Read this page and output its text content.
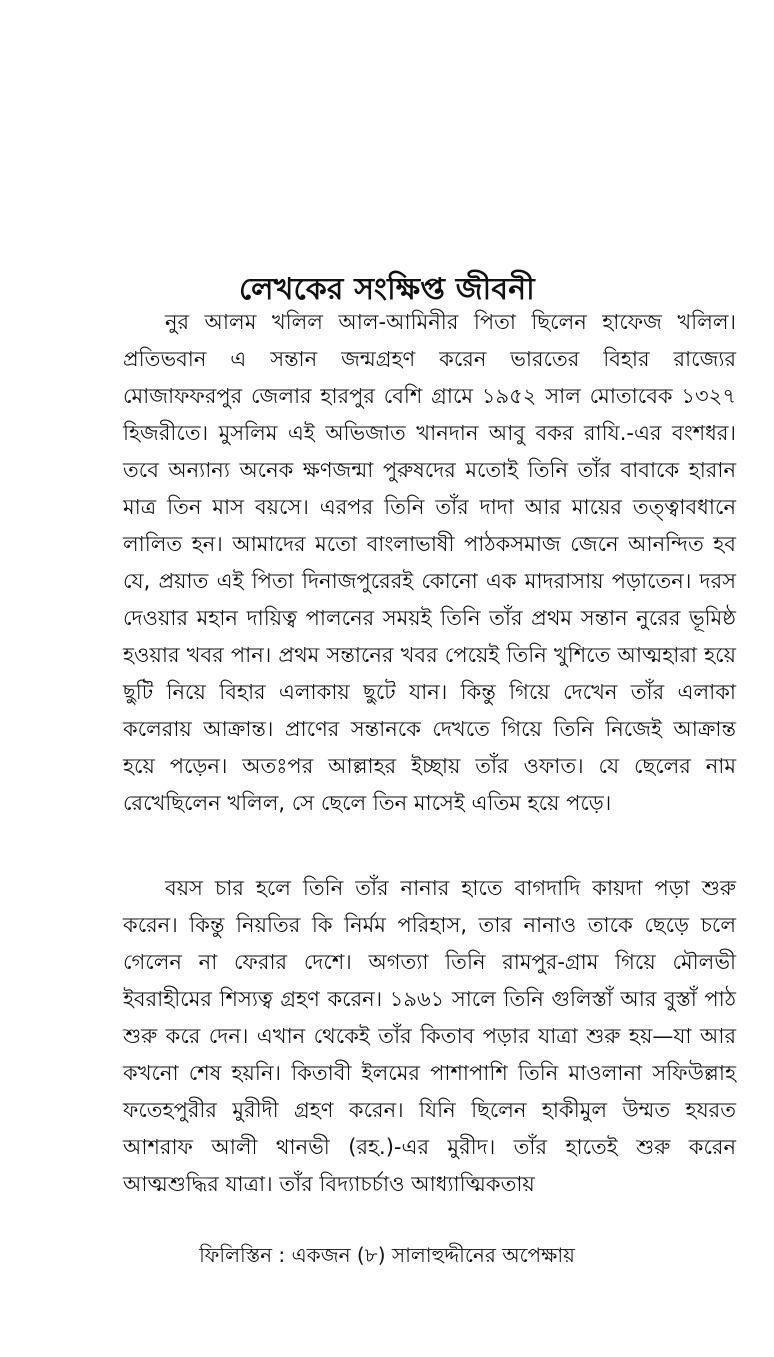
লেখকের সংক্ষিপ্ত জীবনী

নুর আলম খলিল আল-আমিনীর পিতা ছিলেন হাফেজ খলিল। প্রতিভবান এ সন্তান জন্মগ্রহণ করেন ভারতের বিহার রাজ্যের মোজাফফরপুর জেলার হারপুর বেশি গ্রামে ১৯৫২ সাল মোতাবেক ১৩২৭ হিজরীতে। মুসলিম এই অভিজাত খানদান আবু বকর রাযি.-এর বংশধর। তবে অন্যান্য অনেক ক্ষণজন্মা পুরুষদের মতোই তিনি তাঁর বাবাকে হারান মাত্র তিন মাস বয়সে। এরপর তিনি তাঁর দাদা আর মায়ের তত্ত্বাবধানে লালিত হন। আমাদের মতো বাংলাভাষী পাঠকসমাজ জেনে আনন্দিত হব যে, প্রয়াত এই পিতা দিনাজপুরেরই কোনো এক মাদরাসায় পড়াতেন। দরস দেওয়ার মহান দায়িত্ব পালনের সময়ই তিনি তাঁর প্রথম সন্তান নুরের ভূমিষ্ঠ হওয়ার খবর পান। প্রথম সন্তানের খবর পেয়েই তিনি খুশিতে আত্মহারা হয়ে ছুটি নিয়ে বিহার এলাকায় ছুটে যান। কিন্তু গিয়ে দেখেন তাঁর এলাকা কলেরায় আক্রান্ত। প্রাণের সন্তানকে দেখতে গিয়ে তিনি নিজেই আক্রান্ত হয়ে পড়েন। অতঃপর আল্লাহর ইচ্ছায় তাঁর ওফাত। যে ছেলের নাম রেখেছিলেন খলিল, সে ছেলে তিন মাসেই এতিম হয়ে পড়ে।

বয়স চার হলে তিনি তাঁর নানার হাতে বাগদাদি কায়দা পড়া শুরু করেন। কিন্তু নিয়তির কি নির্মম পরিহাস, তার নানাও তাকে ছেড়ে চলে গেলেন না ফেরার দেশে। অগত্যা তিনি রামপুর-গ্রাম গিয়ে মৌলভী ইবরাহীমের শিস্যত্ব গ্রহণ করেন। ১৯৬১ সালে তিনি গুলিস্তাঁ আর বুস্তাঁ পাঠ শুরু করে দেন। এখান থেকেই তাঁর কিতাব পড়ার যাত্রা শুরু হয়—যা আর কখনো শেষ হয়নি। কিতাবী ইলমের পাশাপাশি তিনি মাওলানা সফিউল্লাহ ফতেহপুরীর মুরীদী গ্রহণ করেন। যিনি ছিলেন হাকীমুল উম্মত হযরত আশরাফ আলী থানভী (রহ.)-এর মুরীদ। তাঁর হাতেই শুরু করেন আত্মশুদ্ধির যাত্রা। তাঁর বিদ্যাচর্চাও আধ্যাত্মিকতায়

ফিলিস্তিন : একজন (৮) সালাহুদ্দীনের অপেক্ষায়
